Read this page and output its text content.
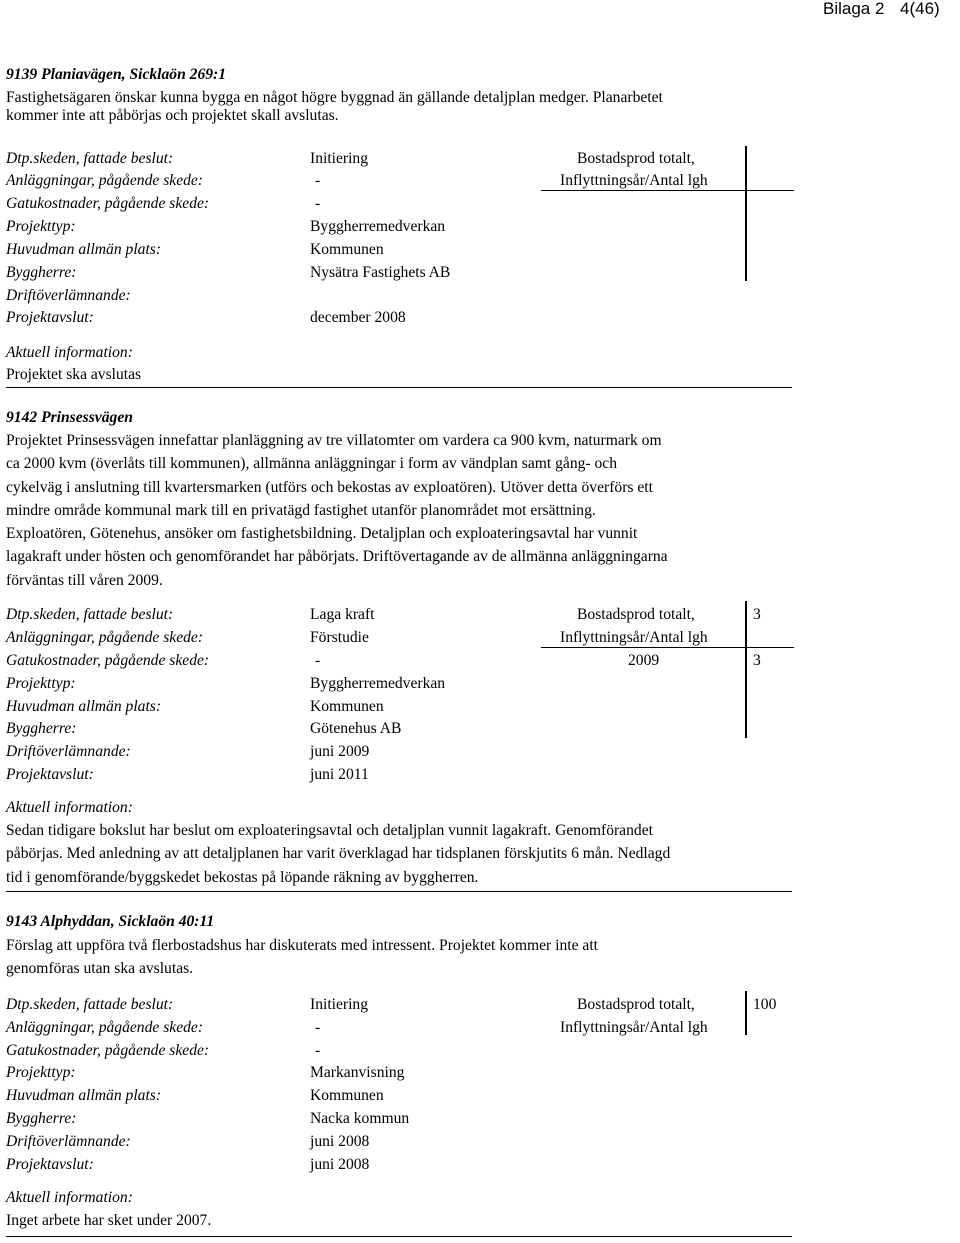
Bilaga 2 4(46)
9139 Planiavägen, Sicklaön 269:1
Fastighetsägaren önskar kunna bygga en något högre byggnad än gällande detaljplan medger. Planarbetet
kommer inte att påbörjas och projektet skall avslutas.
Dtp.skeden, fattade beslut:	Initiering
Anläggningar, pågående skede:	-
Gatukostnader, pågående skede:	-
Projekttyp:	Byggherremedverkan
Huvudman allmän plats:	Kommunen
Byggherre:	Nysätra Fastighets AB
Driftöverlämnande:
Projektavslut:	december 2008
Bostadsprod totalt,
Inflyttningsår/Antal lgh
Aktuell information:
Projektet ska avslutas
9142 Prinsessvägen
Projektet Prinsessvägen innefattar planläggning av tre villatomter om vardera ca 900 kvm, naturmark om
ca 2000 kvm (överlåts till kommunen), allmänna anläggningar i form av vändplan samt gång- och
cykelväg i anslutning till kvartersmarken (utförs och bekostas av exploatören). Utöver detta överförs ett
mindre område kommunal mark till en privatägd fastighet utanför planområdet mot ersättning.
Exploatören, Götenehus, ansöker om fastighetsbildning. Detaljplan och exploateringsavtal har vunnit
lagakraft under hösten och genomförandet har påbörjats. Driftövertagande av de allmänna anläggningarna
förväntas till våren 2009.
Dtp.skeden, fattade beslut:	Laga kraft
Anläggningar, pågående skede:	Förstudie
Gatukostnader, pågående skede:	-
Projekttyp:	Byggherremedverkan
Huvudman allmän plats:	Kommunen
Byggherre:	Götenehus AB
Driftöverlämnande:	juni 2009
Projektavslut:	juni 2011
Bostadsprod totalt,	3
Inflyttningsår/Antal lgh
2009	3
Aktuell information:
Sedan tidigare bokslut har beslut om exploateringsavtal och detaljplan vunnit lagakraft. Genomförandet
påbörjas. Med anledning av att detaljplanen har varit överklagad har tidsplanen förskjutits 6 mån. Nedlagd
tid i genomförande/byggskedet bekostas på löpande räkning av byggherren.
9143 Alphyddan, Sicklaön 40:11
Förslag att uppföra två flerbostadshus har diskuterats med intressent. Projektet kommer inte att
genomföras utan ska avslutas.
Dtp.skeden, fattade beslut:	Initiering
Anläggningar, pågående skede:	-
Gatukostnader, pågående skede:	-
Projekttyp:	Markanvisning
Huvudman allmän plats:	Kommunen
Byggherre:	Nacka kommun
Driftöverlämnande:	juni 2008
Projektavslut:	juni 2008
Bostadsprod totalt,	100
Inflyttningsår/Antal lgh
Aktuell information:
Inget arbete har sket under 2007.
